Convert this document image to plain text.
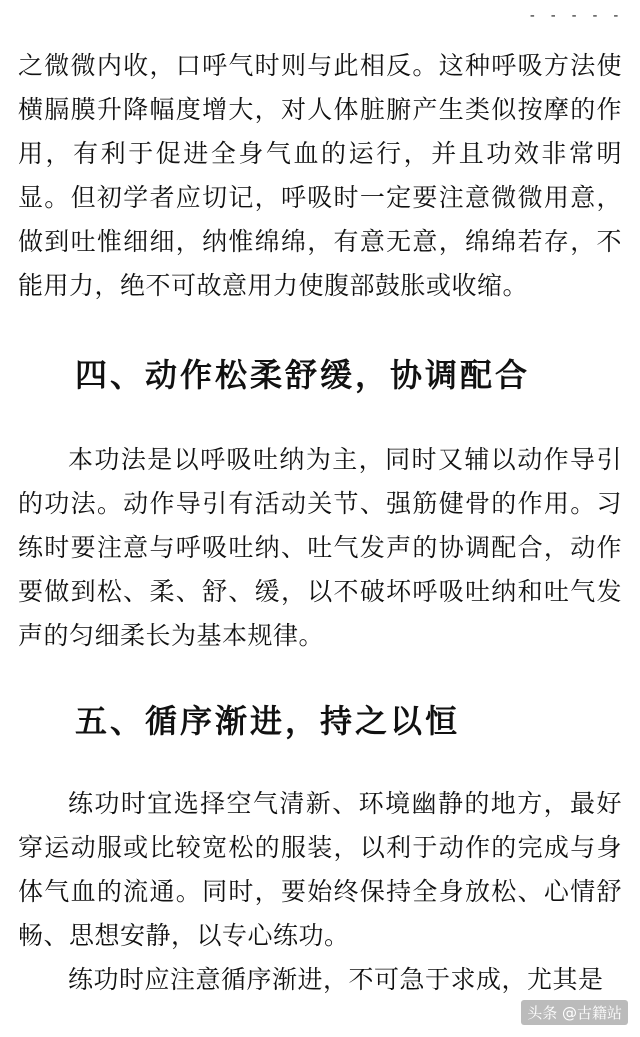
- - - - -

之微微内收，口呼气时则与此相反。这种呼吸方法使横膈膜升降幅度增大，对人体脏腑产生类似按摩的作用，有利于促进全身气血的运行，并且功效非常明显。但初学者应切记，呼吸时一定要注意微微用意，做到吐惟细细，纳惟绵绵，有意无意，绵绵若存，不能用力，绝不可故意用力使腹部鼓胀或收缩。

四、动作松柔舒缓，协调配合

本功法是以呼吸吐纳为主，同时又辅以动作导引的功法。动作导引有活动关节、强筋健骨的作用。习练时要注意与呼吸吐纳、吐气发声的协调配合，动作要做到松、柔、舒、缓，以不破坏呼吸吐纳和吐气发声的匀细柔长为基本规律。

五、循序渐进，持之以恒

练功时宜选择空气清新、环境幽静的地方，最好穿运动服或比较宽松的服装，以利于动作的完成与身体气血的流通。同时，要始终保持全身放松、心情舒畅、思想安静，以专心练功。

练功时应注意循序渐进，不可急于求成，尤其是

头条 @古籍站
